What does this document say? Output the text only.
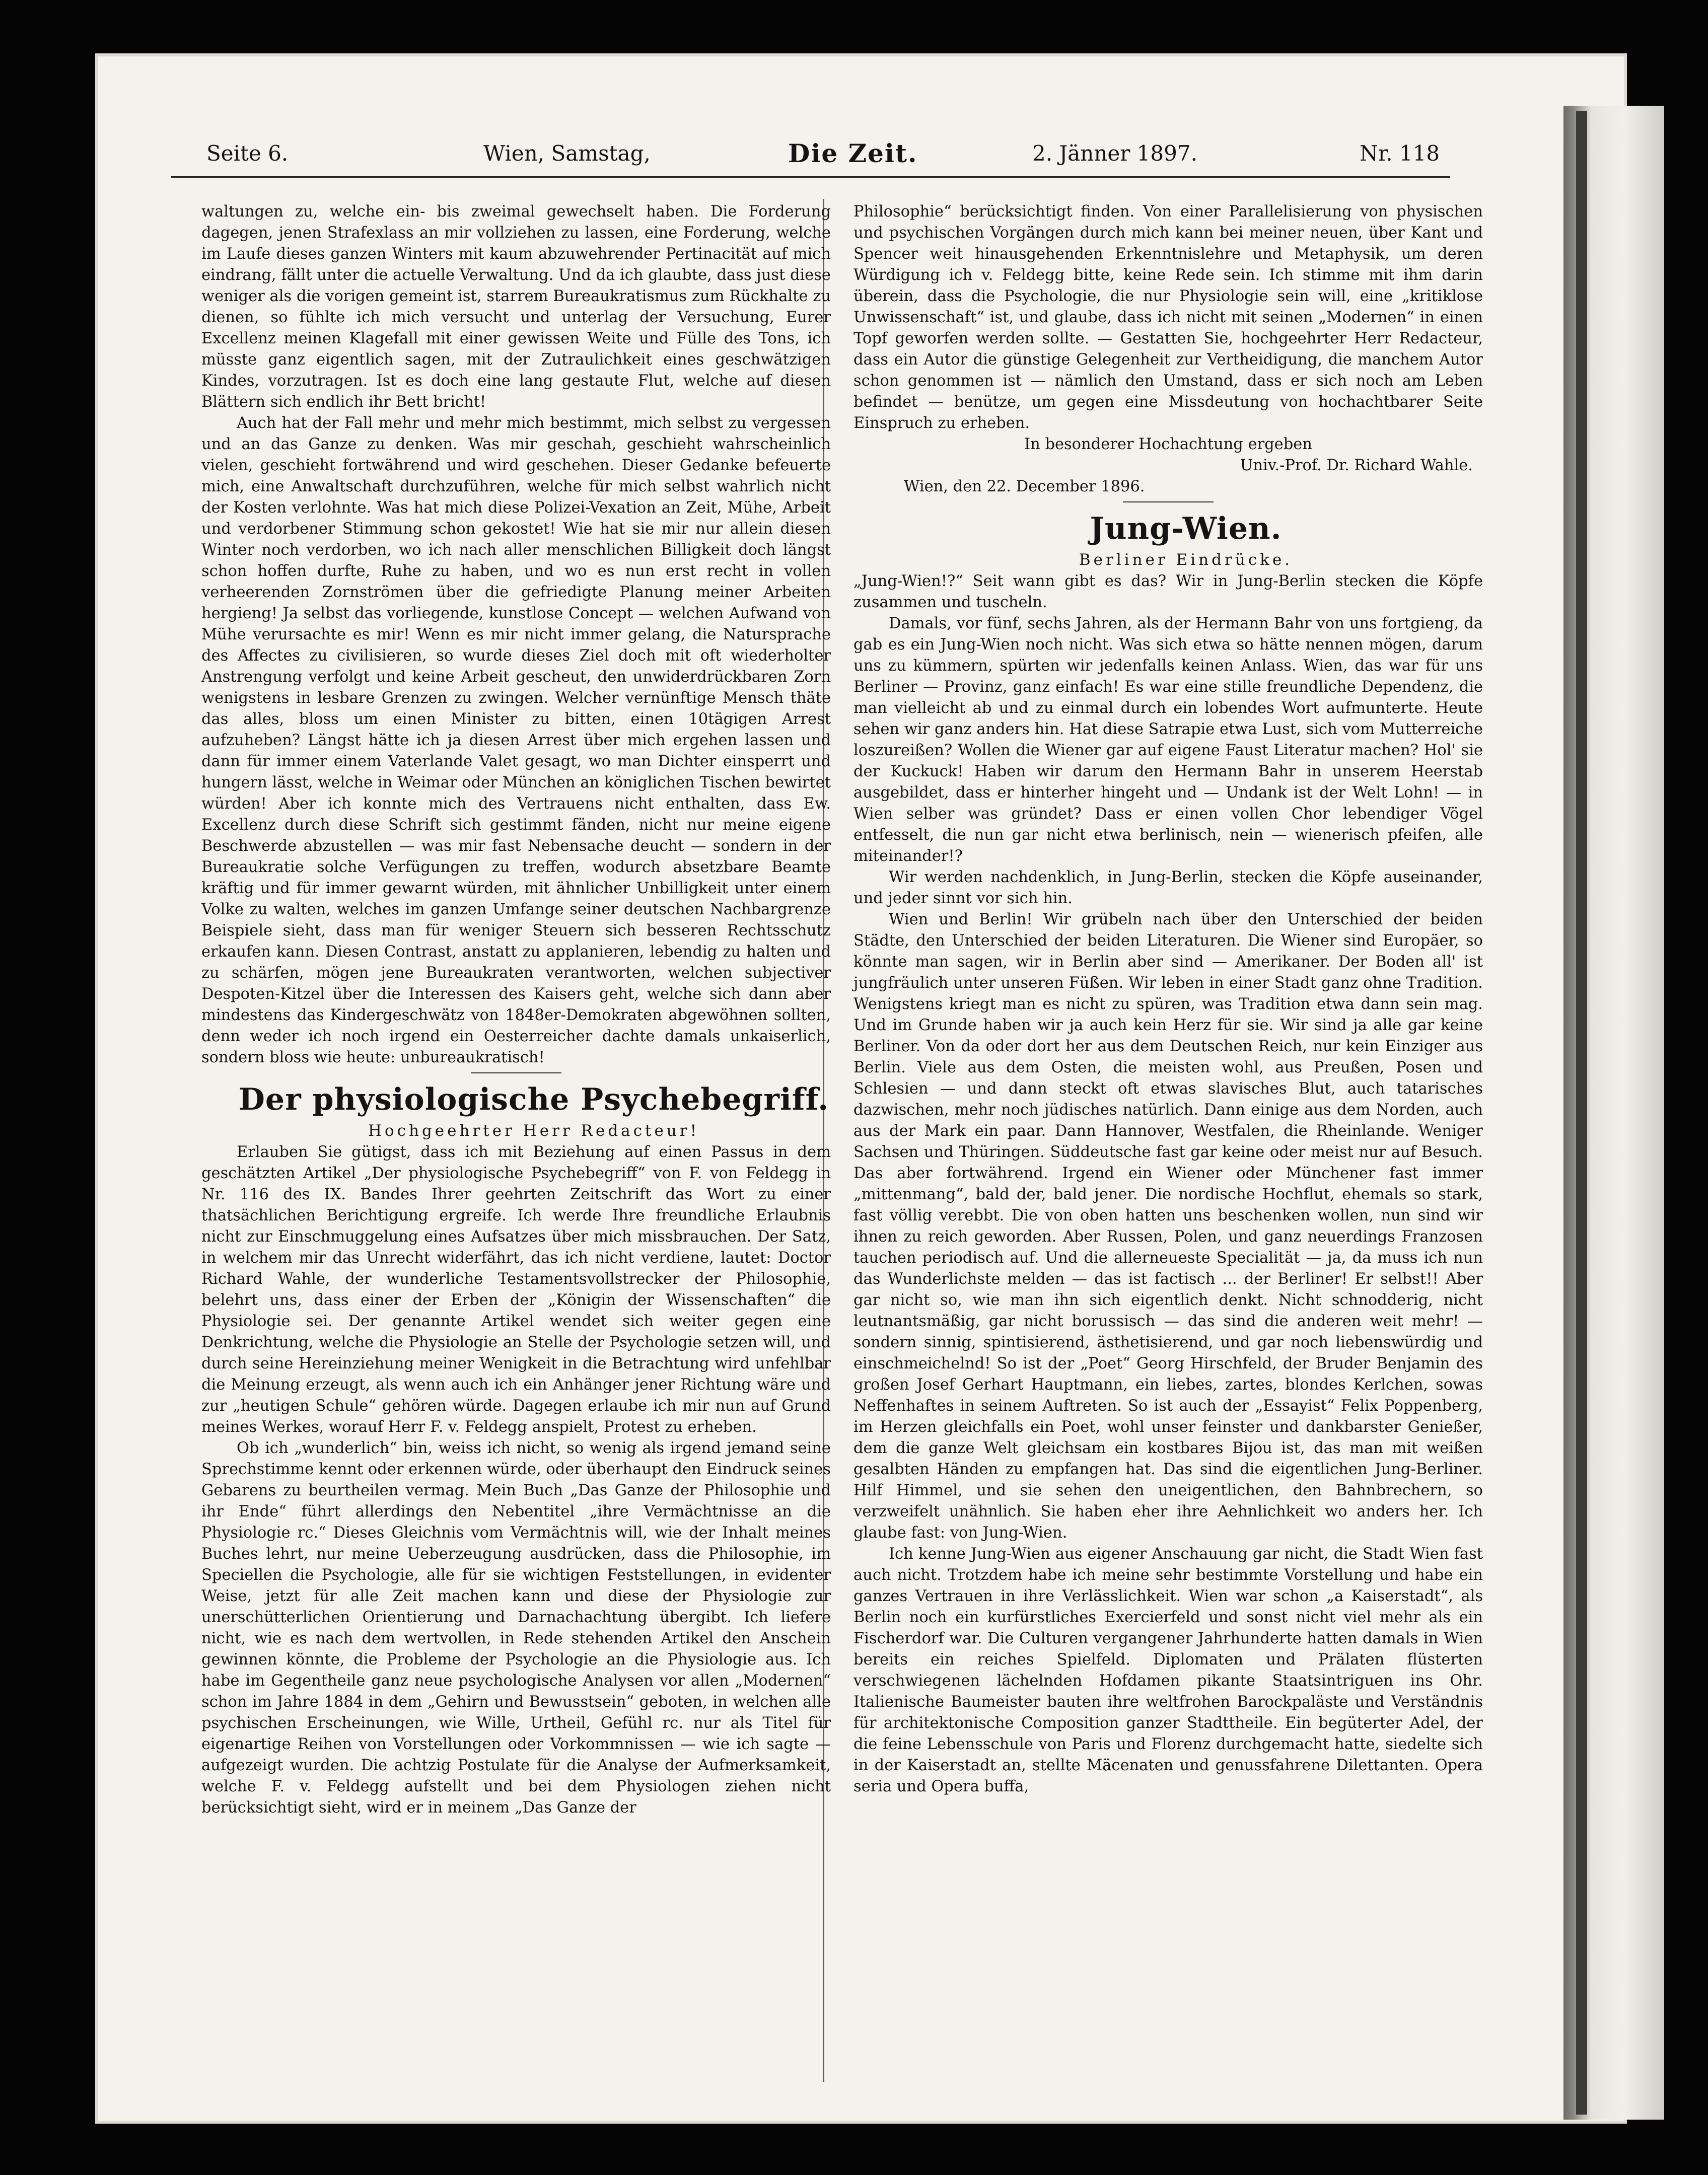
Seite 6.	Wien, Samstag,	Die Zeit.	2. Jänner 1897.	Nr. 118

waltungen zu, welche ein- bis zweimal gewechselt haben. Die Forderung dagegen, jenen Strafexlass an mir vollziehen zu lassen, eine Forderung, welche im Laufe dieses ganzen Winters mit kaum abzuwehrender Pertinacität auf mich eindrang, fällt unter die actuelle Verwaltung. Und da ich glaubte, dass just diese weniger als die vorigen gemeint ist, starrem Bureaukratismus zum Rückhalte zu dienen, so fühlte ich mich versucht und unterlag der Versuchung, Eurer Excellenz meinen Klagefall mit einer gewissen Weite und Fülle des Tons, ich müsste ganz eigentlich sagen, mit der Zutraulichkeit eines geschwätzigen Kindes, vorzutragen. Ist es doch eine lang gestaute Flut, welche auf diesen Blättern sich endlich ihr Bett bricht!

Auch hat der Fall mehr und mehr mich bestimmt, mich selbst zu vergessen und an das Ganze zu denken. Was mir geschah, geschieht wahrscheinlich vielen, geschieht fortwährend und wird geschehen. Dieser Gedanke befeuerte mich, eine Anwaltschaft durchzuführen, welche für mich selbst wahrlich nicht der Kosten verlohnte. Was hat mich diese Polizei-Vexation an Zeit, Mühe, Arbeit und verdorbener Stimmung schon gekostet! Wie hat sie mir nur allein diesen Winter noch verdorben, wo ich nach aller menschlichen Billigkeit doch längst schon hoffen durfte, Ruhe zu haben, und wo es nun erst recht in vollen verheerenden Zornströmen über die gefriedigte Planung meiner Arbeiten hergieng! Ja selbst das vorliegende, kunstlose Concept — welchen Aufwand von Mühe verursachte es mir! Wenn es mir nicht immer gelang, die Natursprache des Affectes zu civilisieren, so wurde dieses Ziel doch mit oft wiederholter Anstrengung verfolgt und keine Arbeit gescheut, den unwiderdrückbaren Zorn wenigstens in lesbare Grenzen zu zwingen. Welcher vernünftige Mensch thäte das alles, bloss um einen Minister zu bitten, einen 10tägigen Arrest aufzuheben? Längst hätte ich ja diesen Arrest über mich ergehen lassen und dann für immer einem Vaterlande Valet gesagt, wo man Dichter einsperrt und hungern lässt, welche in Weimar oder München an königlichen Tischen bewirtet würden! Aber ich konnte mich des Vertrauens nicht enthalten, dass Ew. Excellenz durch diese Schrift sich gestimmt fänden, nicht nur meine eigene Beschwerde abzustellen — was mir fast Nebensache deucht — sondern in der Bureaukratie solche Verfügungen zu treffen, wodurch absetzbare Beamte kräftig und für immer gewarnt würden, mit ähnlicher Unbilligkeit unter einem Volke zu walten, welches im ganzen Umfange seiner deutschen Nachbargrenze Beispiele sieht, dass man für weniger Steuern sich besseren Rechtsschutz erkaufen kann. Diesen Contrast, anstatt zu applanieren, lebendig zu halten und zu schärfen, mögen jene Bureaukraten verantworten, welchen subjectiver Despoten-Kitzel über die Interessen des Kaisers geht, welche sich dann aber mindestens das Kindergeschwätz von 1848er-Demokraten abgewöhnen sollten, denn weder ich noch irgend ein Oesterreicher dachte damals unkaiserlich, sondern bloss wie heute: unbureaukratisch!

Der physiologische Psychebegriff.

Hochgeehrter Herr Redacteur!

Erlauben Sie gütigst, dass ich mit Beziehung auf einen Passus in dem geschätzten Artikel „Der physiologische Psychebegriff“ von F. von Feldegg in Nr. 116 des IX. Bandes Ihrer geehrten Zeitschrift das Wort zu einer thatsächlichen Berichtigung ergreife. Ich werde Ihre freundliche Erlaubnis nicht zur Einschmuggelung eines Aufsatzes über mich missbrauchen. Der Satz, in welchem mir das Unrecht widerfährt, das ich nicht verdiene, lautet: Doctor Richard Wahle, der wunderliche Testamentsvollstrecker der Philosophie, belehrt uns, dass einer der Erben der „Königin der Wissenschaften“ die Physiologie sei. Der genannte Artikel wendet sich weiter gegen eine Denkrichtung, welche die Physiologie an Stelle der Psychologie setzen will, und durch seine Hereinziehung meiner Wenigkeit in die Betrachtung wird unfehlbar die Meinung erzeugt, als wenn auch ich ein Anhänger jener Richtung wäre und zur „heutigen Schule“ gehören würde. Dagegen erlaube ich mir nun auf Grund meines Werkes, worauf Herr F. v. Feldegg anspielt, Protest zu erheben.

Ob ich „wunderlich“ bin, weiss ich nicht, so wenig als irgend jemand seine Sprechstimme kennt oder erkennen würde, oder überhaupt den Eindruck seines Gebarens zu beurtheilen vermag. Mein Buch „Das Ganze der Philosophie und ihr Ende“ führt allerdings den Nebentitel „ihre Vermächtnisse an die Physiologie rc.“ Dieses Gleichnis vom Vermächtnis will, wie der Inhalt meines Buches lehrt, nur meine Ueberzeugung ausdrücken, dass die Philosophie, im Speciellen die Psychologie, alle für sie wichtigen Feststellungen, in evidenter Weise, jetzt für alle Zeit machen kann und diese der Physiologie zur unerschütterlichen Orientierung und Darnachachtung übergibt. Ich liefere nicht, wie es nach dem wertvollen, in Rede stehenden Artikel den Anschein gewinnen könnte, die Probleme der Psychologie an die Physiologie aus. Ich habe im Gegentheile ganz neue psychologische Analysen vor allen „Modernen“ schon im Jahre 1884 in dem „Gehirn und Bewusstsein“ geboten, in welchen alle psychischen Erscheinungen, wie Wille, Urtheil, Gefühl rc. nur als Titel für eigenartige Reihen von Vorstellungen oder Vorkommnissen — wie ich sagte — aufgezeigt wurden. Die achtzig Postulate für die Analyse der Aufmerksamkeit, welche F. v. Feldegg aufstellt und bei dem Physiologen ziehen nicht berücksichtigt sieht, wird er in meinem „Das Ganze der

Philosophie“ berücksichtigt finden. Von einer Parallelisierung von physischen und psychischen Vorgängen durch mich kann bei meiner neuen, über Kant und Spencer weit hinausgehenden Erkenntnislehre und Metaphysik, um deren Würdigung ich v. Feldegg bitte, keine Rede sein. Ich stimme mit ihm darin überein, dass die Psychologie, die nur Physiologie sein will, eine „kritiklose Unwissenschaft“ ist, und glaube, dass ich nicht mit seinen „Modernen“ in einen Topf geworfen werden sollte. — Gestatten Sie, hochgeehrter Herr Redacteur, dass ein Autor die günstige Gelegenheit zur Vertheidigung, die manchem Autor schon genommen ist — nämlich den Umstand, dass er sich noch am Leben befindet — benütze, um gegen eine Missdeutung von hochachtbarer Seite Einspruch zu erheben.

In besonderer Hochachtung ergeben

Univ.-Prof. Dr. Richard Wahle.

Wien, den 22. December 1896.

Jung-Wien.

Berliner Eindrücke.

„Jung-Wien!?“ Seit wann gibt es das? Wir in Jung-Berlin stecken die Köpfe zusammen und tuscheln.

Damals, vor fünf, sechs Jahren, als der Hermann Bahr von uns fortgieng, da gab es ein Jung-Wien noch nicht. Was sich etwa so hätte nennen mögen, darum uns zu kümmern, spürten wir jedenfalls keinen Anlass. Wien, das war für uns Berliner — Provinz, ganz einfach! Es war eine stille freundliche Dependenz, die man vielleicht ab und zu einmal durch ein lobendes Wort aufmunterte. Heute sehen wir ganz anders hin. Hat diese Satrapie etwa Lust, sich vom Mutterreiche loszureißen? Wollen die Wiener gar auf eigene Faust Literatur machen? Hol' sie der Kuckuck! Haben wir darum den Hermann Bahr in unserem Heerstab ausgebildet, dass er hinterher hingeht und — Undank ist der Welt Lohn! — in Wien selber was gründet? Dass er einen vollen Chor lebendiger Vögel entfesselt, die nun gar nicht etwa berlinisch, nein — wienerisch pfeifen, alle miteinander!?

Wir werden nachdenklich, in Jung-Berlin, stecken die Köpfe auseinander, und jeder sinnt vor sich hin.

Wien und Berlin! Wir grübeln nach über den Unterschied der beiden Städte, den Unterschied der beiden Literaturen. Die Wiener sind Europäer, so könnte man sagen, wir in Berlin aber sind — Amerikaner. Der Boden all' ist jungfräulich unter unseren Füßen. Wir leben in einer Stadt ganz ohne Tradition. Wenigstens kriegt man es nicht zu spüren, was Tradition etwa dann sein mag. Und im Grunde haben wir ja auch kein Herz für sie. Wir sind ja alle gar keine Berliner. Von da oder dort her aus dem Deutschen Reich, nur kein Einziger aus Berlin. Viele aus dem Osten, die meisten wohl, aus Preußen, Posen und Schlesien — und dann steckt oft etwas slavisches Blut, auch tatarisches dazwischen, mehr noch jüdisches natürlich. Dann einige aus dem Norden, auch aus der Mark ein paar. Dann Hannover, Westfalen, die Rheinlande. Weniger Sachsen und Thüringen. Süddeutsche fast gar keine oder meist nur auf Besuch. Das aber fortwährend. Irgend ein Wiener oder Münchener fast immer „mittenmang“, bald der, bald jener. Die nordische Hochflut, ehemals so stark, fast völlig verebbt. Die von oben hatten uns beschenken wollen, nun sind wir ihnen zu reich geworden. Aber Russen, Polen, und ganz neuerdings Franzosen tauchen periodisch auf. Und die allerneueste Specialität — ja, da muss ich nun das Wunderlichste melden — das ist factisch ... der Berliner! Er selbst!! Aber gar nicht so, wie man ihn sich eigentlich denkt. Nicht schnodderig, nicht leutnantsmäßig, gar nicht borussisch — das sind die anderen weit mehr! — sondern sinnig, spintisierend, ästhetisierend, und gar noch liebenswürdig und einschmeichelnd! So ist der „Poet“ Georg Hirschfeld, der Bruder Benjamin des großen Josef Gerhart Hauptmann, ein liebes, zartes, blondes Kerlchen, sowas Neffenhaftes in seinem Auftreten. So ist auch der „Essayist“ Felix Poppenberg, im Herzen gleichfalls ein Poet, wohl unser feinster und dankbarster Genießer, dem die ganze Welt gleichsam ein kostbares Bijou ist, das man mit weißen gesalbten Händen zu empfangen hat. Das sind die eigentlichen Jung-Berliner. Hilf Himmel, und sie sehen den uneigentlichen, den Bahnbrechern, so verzweifelt unähnlich. Sie haben eher ihre Aehnlichkeit wo anders her. Ich glaube fast: von Jung-Wien.

Ich kenne Jung-Wien aus eigener Anschauung gar nicht, die Stadt Wien fast auch nicht. Trotzdem habe ich meine sehr bestimmte Vorstellung und habe ein ganzes Vertrauen in ihre Verlässlichkeit. Wien war schon „a Kaiserstadt“, als Berlin noch ein kurfürstliches Exercierfeld und sonst nicht viel mehr als ein Fischerdorf war. Die Culturen vergangener Jahrhunderte hatten damals in Wien bereits ein reiches Spielfeld. Diplomaten und Prälaten flüsterten verschwiegenen lächelnden Hofdamen pikante Staatsintriguen ins Ohr. Italienische Baumeister bauten ihre weltfrohen Barockpaläste und Verständnis für architektonische Composition ganzer Stadttheile. Ein begüterter Adel, der die feine Lebensschule von Paris und Florenz durchgemacht hatte, siedelte sich in der Kaiserstadt an, stellte Mäcenaten und genussfahrene Dilettanten. Opera seria und Opera buffa,
